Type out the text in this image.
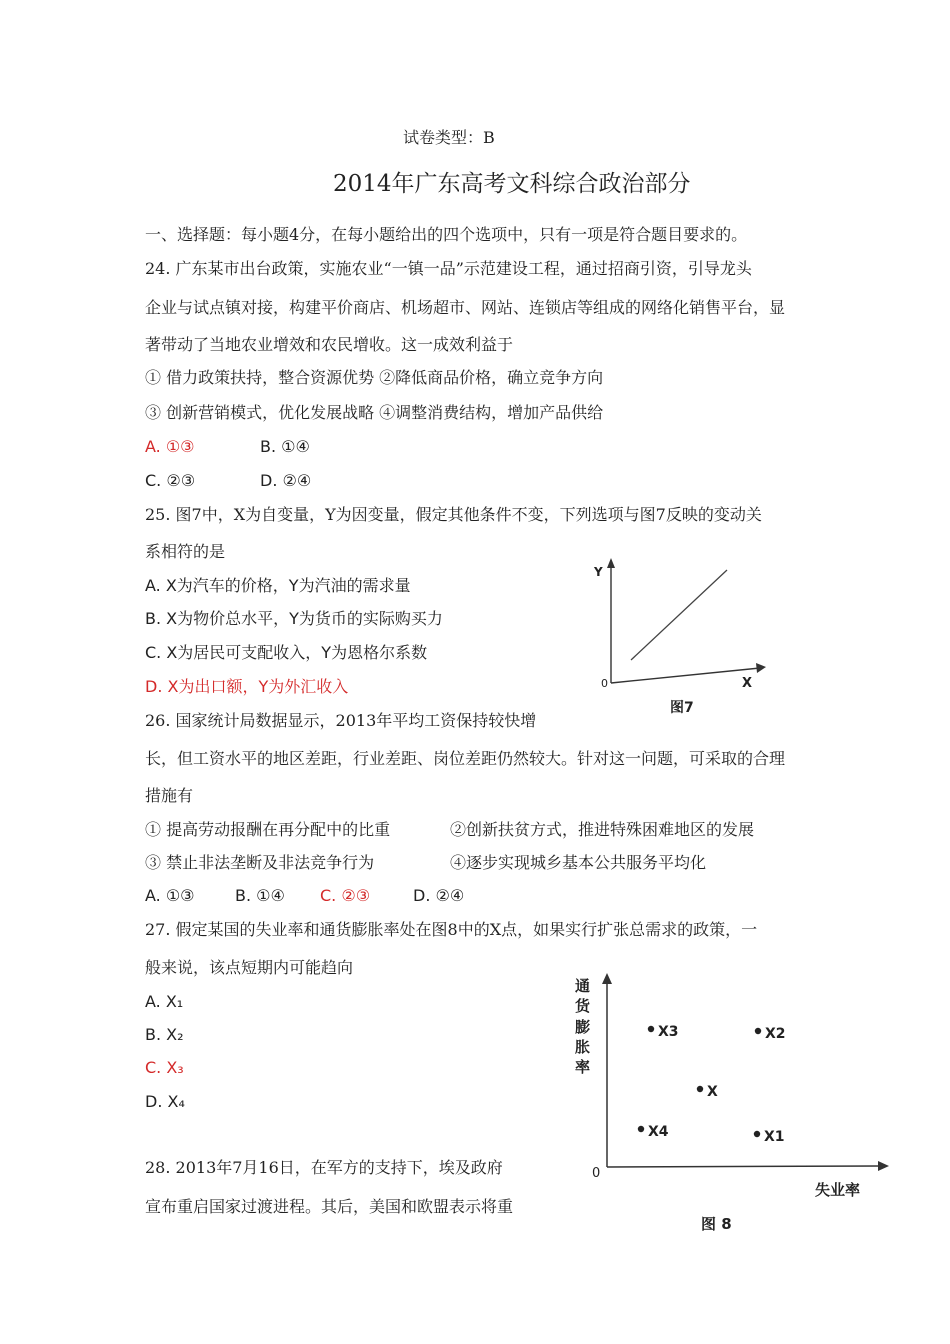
试卷类型：B
2014年广东高考文科综合政治部分
一、选择题：每小题4分，在每小题给出的四个选项中，只有一项是符合题目要求的。
24. 广东某市出台政策，实施农业“一镇一品”示范建设工程，通过招商引资，引导龙头
企业与试点镇对接，构建平价商店、机场超市、网站、连锁店等组成的网络化销售平台，显
著带动了当地农业增效和农民增收。这一成效利益于
① 借力政策扶持，整合资源优势 ②降低商品价格，确立竞争方向
③ 创新营销模式，优化发展战略 ④调整消费结构，增加产品供给
A. ①③	B. ①④
C. ②③	D. ②④
25. 图7中，X为自变量，Y为因变量，假定其他条件不变，下列选项与图7反映的变动关
系相符的是
A. X为汽车的价格，Y为汽油的需求量
B. X为物价总水平，Y为货币的实际购买力
C. X为居民可支配收入，Y为恩格尔系数
D. X为出口额，Y为外汇收入
Y
X
0
图7
26. 国家统计局数据显示，2013年平均工资保持较快增
长，但工资水平的地区差距，行业差距、岗位差距仍然较大。针对这一问题，可采取的合理
措施有
① 提高劳动报酬在再分配中的比重	②创新扶贫方式，推进特殊困难地区的发展
③ 禁止非法垄断及非法竞争行为	④逐步实现城乡基本公共服务平均化
A. ①③	B. ①④ C. ②③	D. ②④
27. 假定某国的失业率和通货膨胀率处在图8中的X点，如果实行扩张总需求的政策，一
般来说，该点短期内可能趋向
A. X₁
B. X₂
C. X₃
D. X₄
通
货
膨
胀
率
0
失业率
图 8
X3	X2
X
X4	X1
28. 2013年7月16日，在军方的支持下，埃及政府
宣布重启国家过渡进程。其后，美国和欧盟表示将重
